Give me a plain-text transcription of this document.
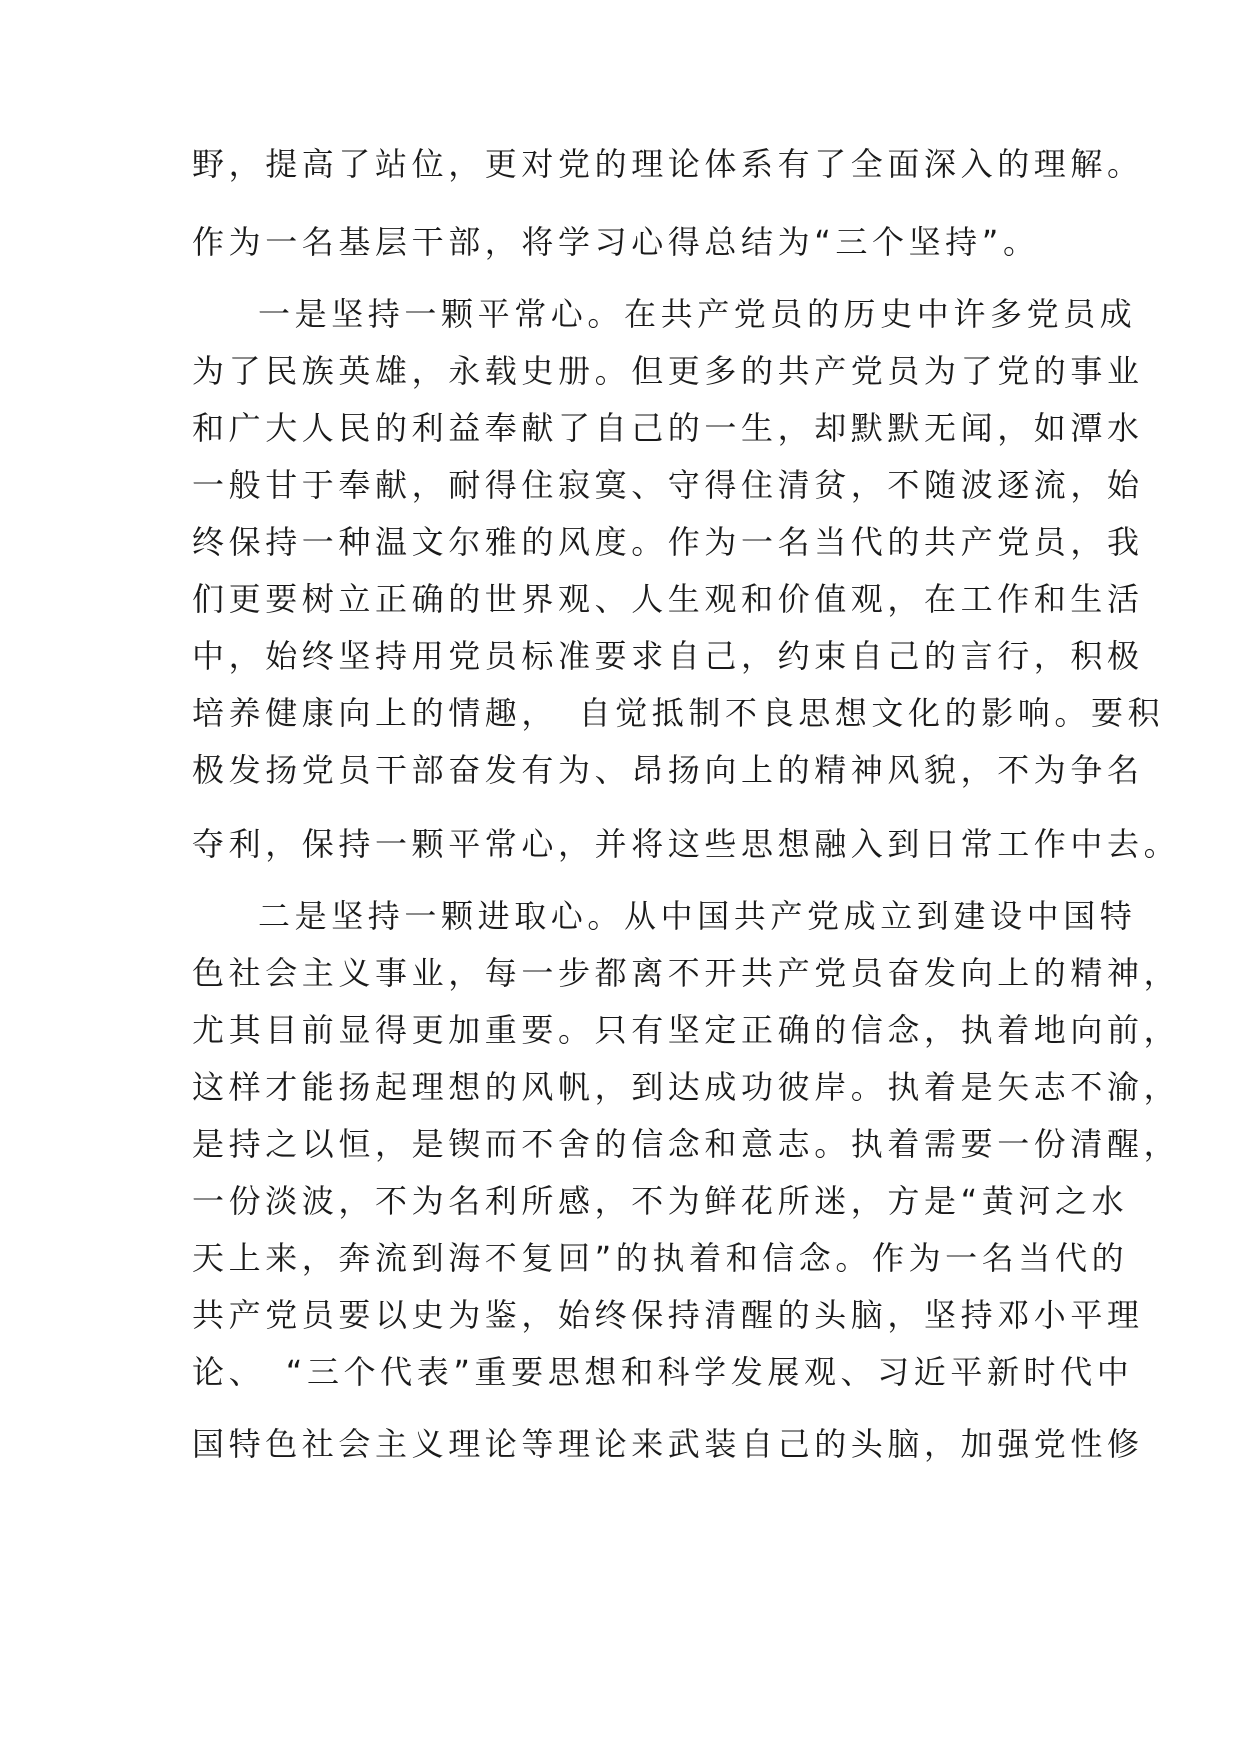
野，提高了站位，更对党的理论体系有了全面深入的理解。
作为一名基层干部，将学习心得总结为“三个坚持”。
一是坚持一颗平常心。在共产党员的历史中许多党员成
为了民族英雄，永载史册。但更多的共产党员为了党的事业
和广大人民的利益奉献了自己的一生，却默默无闻，如潭水
一般甘于奉献，耐得住寂寞、守得住清贫，不随波逐流，始
终保持一种温文尔雅的风度。作为一名当代的共产党员，我
们更要树立正确的世界观、人生观和价值观，在工作和生活
中，始终坚持用党员标准要求自己，约束自己的言行，积极
培养健康向上的情趣，　自觉抵制不良思想文化的影响。要积
极发扬党员干部奋发有为、昂扬向上的精神风貌，不为争名
夺利，保持一颗平常心，并将这些思想融入到日常工作中去。
二是坚持一颗进取心。从中国共产党成立到建设中国特
色社会主义事业，每一步都离不开共产党员奋发向上的精神，
尤其目前显得更加重要。只有坚定正确的信念，执着地向前，
这样才能扬起理想的风帆，到达成功彼岸。执着是矢志不渝，
是持之以恒，是锲而不舍的信念和意志。执着需要一份清醒，
一份淡波，不为名利所感，不为鲜花所迷，方是“黄河之水
天上来，奔流到海不复回”的执着和信念。作为一名当代的
共产党员要以史为鉴，始终保持清醒的头脑，坚持邓小平理
论、　“三个代表”重要思想和科学发展观、习近平新时代中
国特色社会主义理论等理论来武装自己的头脑，加强党性修
